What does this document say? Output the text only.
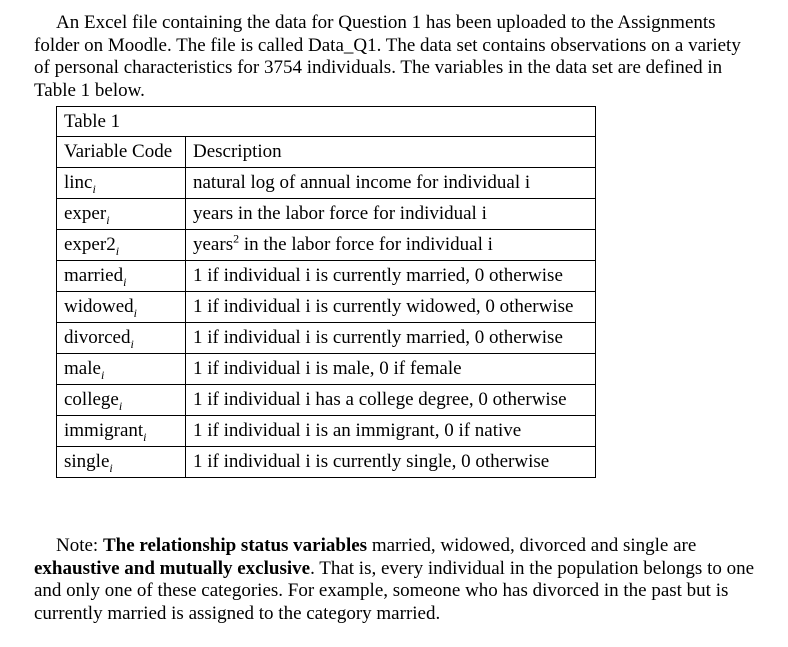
An Excel file containing the data for Question 1 has been uploaded to the Assignments folder on Moodle. The file is called Data_Q1. The data set contains observations on a variety of personal characteristics for 3754 individuals. The variables in the data set are defined in Table 1 below.

Table 1	
Variable Code	Description
linc$_i$	natural log of annual income for individual i
exper$_i$	years in the labor force for individual i
$exper2_i$	years$^2$ in the labor force for individual i
married$_i$	1 if individual i is currently married, 0 otherwise
widowed$_i$	1 if individual i is currently widowed, 0 otherwise
divorced$_i$	1 if individual i is currently married, 0 otherwise
male$_i$	1 if individual i is male, 0 if female
college$_i$	1 if individual i has a college degree, 0 otherwise
immigrant$_i$	1 if individual i is an immigrant, 0 if native
single$_i$	1 if individual i is currently single, 0 otherwise

Note: The relationship status variables married, widowed, divorced and single are exhaustive and mutually exclusive. That is, every individual in the population belongs to one and only one of these categories. For example, someone who has divorced in the past but is currently married is assigned to the category married.
